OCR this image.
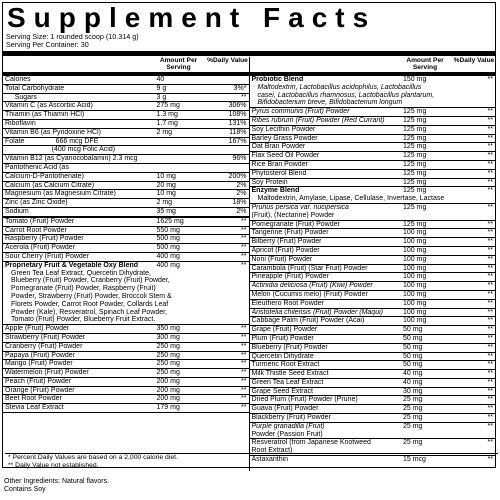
Supplement Facts
Serving Size: 1 rounded scoop (10.314 g)
Serving Per Container: 30
Amount Per Serving
%Daily Value
Calories	40
Total Carbohydrate	9 g	3%*
Sugars	3 g	**
Vitamin C (as Ascorbic Acid)	275 mg	306%
Thiamin (as Thiamin HCl)	1.3 mg	108%
Riboflavin	1.7 mg	131%
Vitamin B6 (as Pyridoxine HCl)	2 mg	118%
Folate                666 mcg DFE	167%
(400 mcg Folic Acid)
Vitamin B12 (as Cyanocobalamin) 2.3 mcg	96%
Pantothenic Acid (as
Calcium-D-Pantothenate)	10 mg	200%
Calcium (as Calcium Citrate)	20 mg	2%
Magnesium (as Magnesium Citrate)	10 mg	2%
Zinc (as Zinc Oxide)	2 mg	18%
Sodium	35 mg	2%
Tomato (Fruit) Powder	1625 mg	**
Carrot Root Powder	550 mg	**
Raspberry (Fruit) Powder	500 mg	**
Acerola (Fruit) Powder	500 mg	**
Sour Cherry (Fruit) Powder	400 mg	**
Proprietary Fruit & Vegetable Oxy Blend	400 mg	**
Green Tea Leaf Extract, Quercetin Dihydrate,
Blueberry (Fruit) Powder, Cranberry (Fruit) Powder,
Pomegranate (Fruit) Powder, Raspberry (Fruit)
Powder, Strawberry (Fruit) Powder, Broccoli Stem &
Florets Powder, Carrot Root Powder, Collards Leaf
Powder (Kale), Resveratrol, Spinach Leaf Powder,
Tomato (Fruit) Powder, Blueberry Fruit Extract.
Apple (Fruit) Powder	350 mg	**
Strawberry (Fruit) Powder	300 mg	**
Cranberry (Fruit) Powder	250 mg	**
Papaya (Fruit) Powder	250 mg	**
Mango (Fruit) Powder	250 mg	**
Watermelon (Fruit) Powder	250 mg	**
Peach (Fruit) Powder	200 mg	**
Orange (Fruit) Powder	200 mg	**
Beet Root Powder	200 mg	**
Stevia Leaf Extract	179 mg	**
Amount Per Serving
%Daily Value
Probiotic Blend	150 mg	**
Maltodextrin, Lactobacillus acidophilus, Lactobacillus
casei, Lactobacillus rhamnosus, Lactobacillus plantarum,
Bifidobacterium breve, Bifidobacterium longum
Pyrus communis (Fruit) Powder	125 mg	**
Ribes rubrum (Fruit) Powder (Red Currant)	125 mg	**
Soy Lecithin Powder	125 mg	**
Barley Grass Powder	125 mg	**
Oat Bran Powder	125 mg	**
Flax Seed Oil Powder	125 mg	**
Rice Bran Powder	125 mg	**
Phytosterol Blend	125 mg	**
Soy Protein	125 mg	**
Enzyme Blend	125 mg	**
Maltodextrin, Amylase, Lipase, Cellulase, Invertase, Lactase
Prunus persica var. nucipersica
(Fruit), (Nectarine) Powder
125 mg	**
Pomegranate (Fruit) Powder	125 mg	**
Tangerine (Fruit) Powder	100 mg	**
Bilberry (Fruit) Powder	100 mg	**
Apricot (Fruit) Powder	100 mg	**
Noni (Fruit) Powder	100 mg	**
Carambola (Fruit) (Star Fruit) Powder	100 mg	**
Pineapple (Fruit) Powder	100 mg	**
Actinidia deliciosa (Fruit) (Kiwi) Powder	100 mg	**
Melon (Cucumis melo) (Fruit) Powder	100 mg	**
Eleuthero Root Powder	100 mg	**
Aristotelia chilensis (Fruit) Powder (Maqui)	100 mg	**
Cabbage Palm (Fruit) Powder (Acai)	100 mg	**
Grape (Fruit) Powder	50 mg	**
Plum (Fruit) Powder	50 mg	**
Blueberry (Fruit) Powder	50 mg	**
Quercetin Dihydrate	50 mg	**
Turmeric Root Extract	50 mg	**
Milk Thistle Seed Extract	40 mg	**
Green Tea Leaf Extract	40 mg	**
Grape Seed Extract	30 mg	**
Dried Plum (Fruit) Powder (Prune)	25 mg	**
Guava (Fruit) Powder	25 mg	**
Blackberry (Fruit) Powder	25 mg	**
Purple granadilla (Fruit)
Powder (Passion Fruit)
25 mg	**
Resveratrol (from Japanese Knotweed
Root Extract)
25 mg	**
Astaxanthin	15 mcg	**
* Percent Daily Values are based on a 2,000 calorie diet.
** Daily Value not established.
Other Ingredients: Natural flavors.
Contains Soy
